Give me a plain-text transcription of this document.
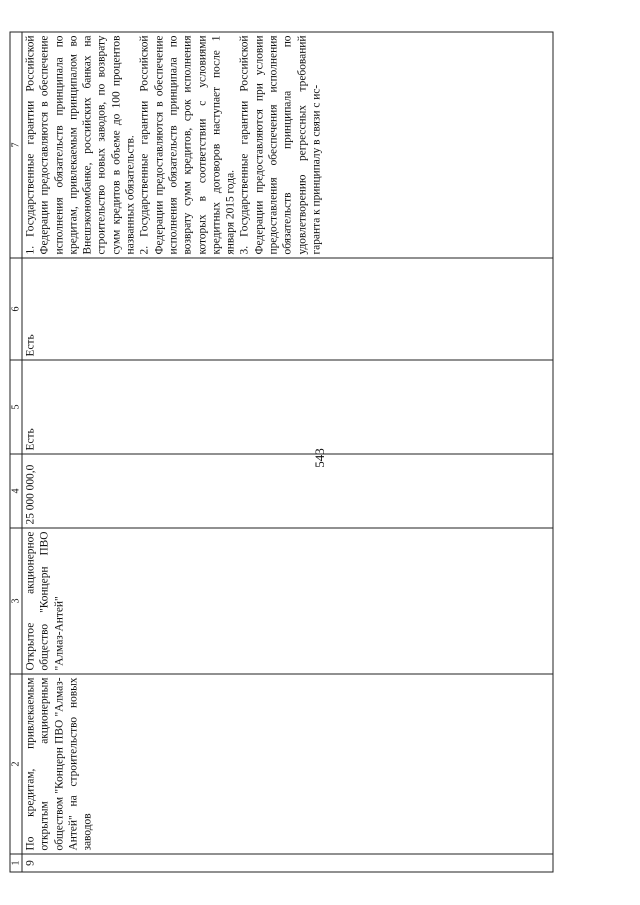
543
1	2	3	4	5	6	7
9	По кредитам, привлекаемым открытым акционерным обществом "Концерн ПВО "Алмаз-Антей" на строительство новых заводов	Открытое акционерное общество "Концерн ПВО "Алмаз-Антей"	25 000 000,0	Есть	Есть	1. Государственные гарантии Российской Федерации предоставляются в обеспечение исполнения обязательств принципала по кредитам, привлекаемым принципалом во Внешэкономбанке, российских банках на строительство новых заводов, по возврату сумм кредитов в объеме до 100 процентов названных обязательств. 2. Государственные гарантии Российской Федерации предоставляются в обеспечение исполнения обязательств принципала по возврату сумм кредитов, срок исполнения которых в соответствии с условиями кредитных договоров наступает после 1 января 2015 года. 3. Государственные гарантии Российской Федерации предоставляются при условии предоставления обеспечения исполнения обязательств принципала по удовлетворению регрессных требований гаранта к принципалу в связи с ис-
